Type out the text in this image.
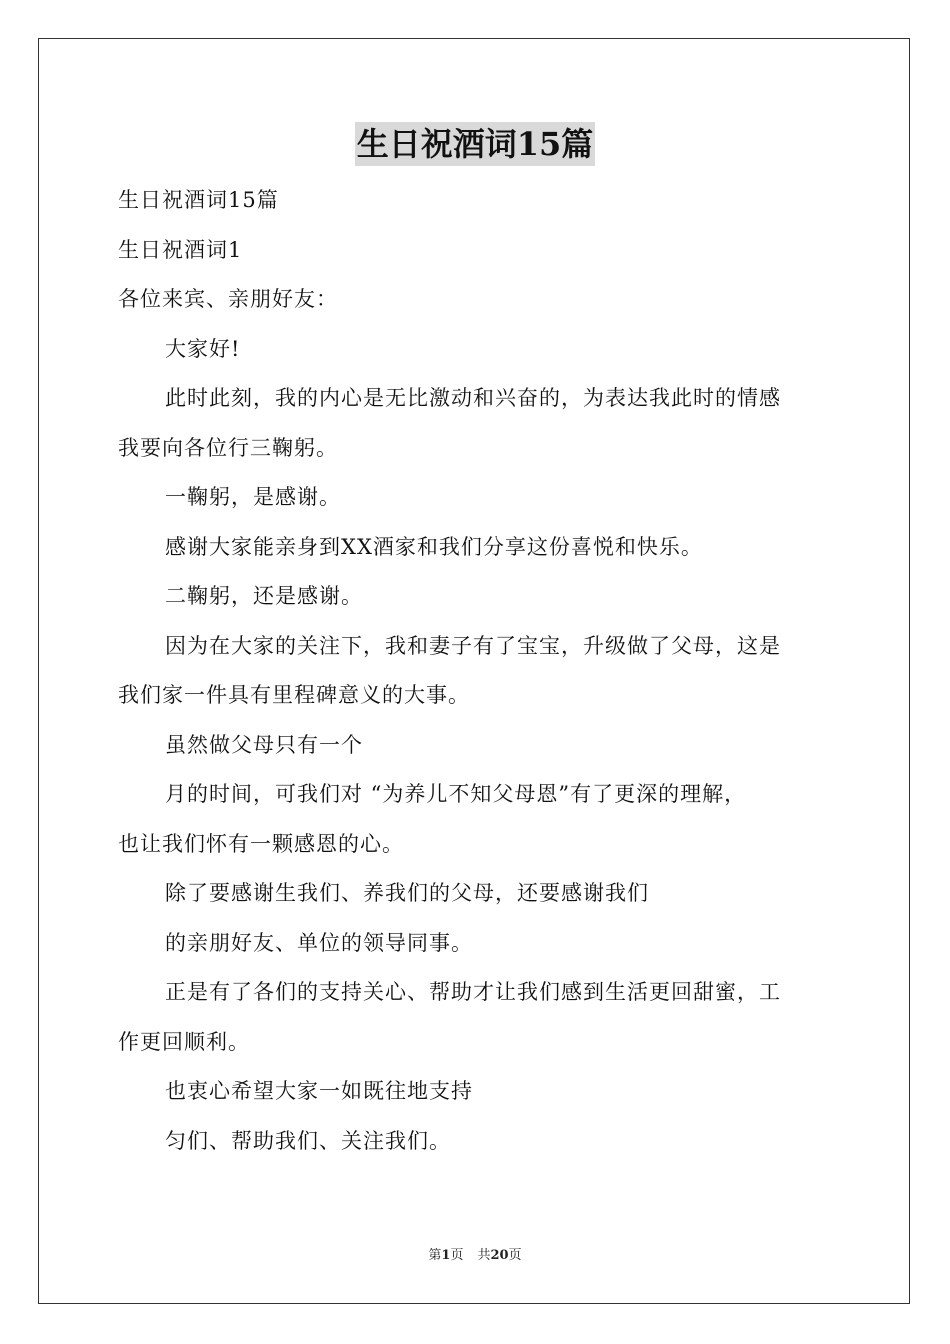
生日祝酒词15篇

生日祝酒词15篇

生日祝酒词1

各位来宾、亲朋好友：

大家好!

此时此刻，我的内心是无比激动和兴奋的，为表达我此时的情感

我要向各位行三鞠躬。

一鞠躬，是感谢。

感谢大家能亲身到XX酒家和我们分享这份喜悦和快乐。

二鞠躬，还是感谢。

因为在大家的关注下，我和妻子有了宝宝，升级做了父母，这是

我们家一件具有里程碑意义的大事。

虽然做父母只有一个

月的时间，可我们对 “为养儿不知父母恩”有了更深的理解，

也让我们怀有一颗感恩的心。

除了要感谢生我们、养我们的父母，还要感谢我们

的亲朋好友、单位的领导同事。

正是有了各们的支持关心、帮助才让我们感到生活更回甜蜜，工

作更回顺利。

也衷心希望大家一如既往地支持

匀们、帮助我们、关注我们。

第1页 共20页
